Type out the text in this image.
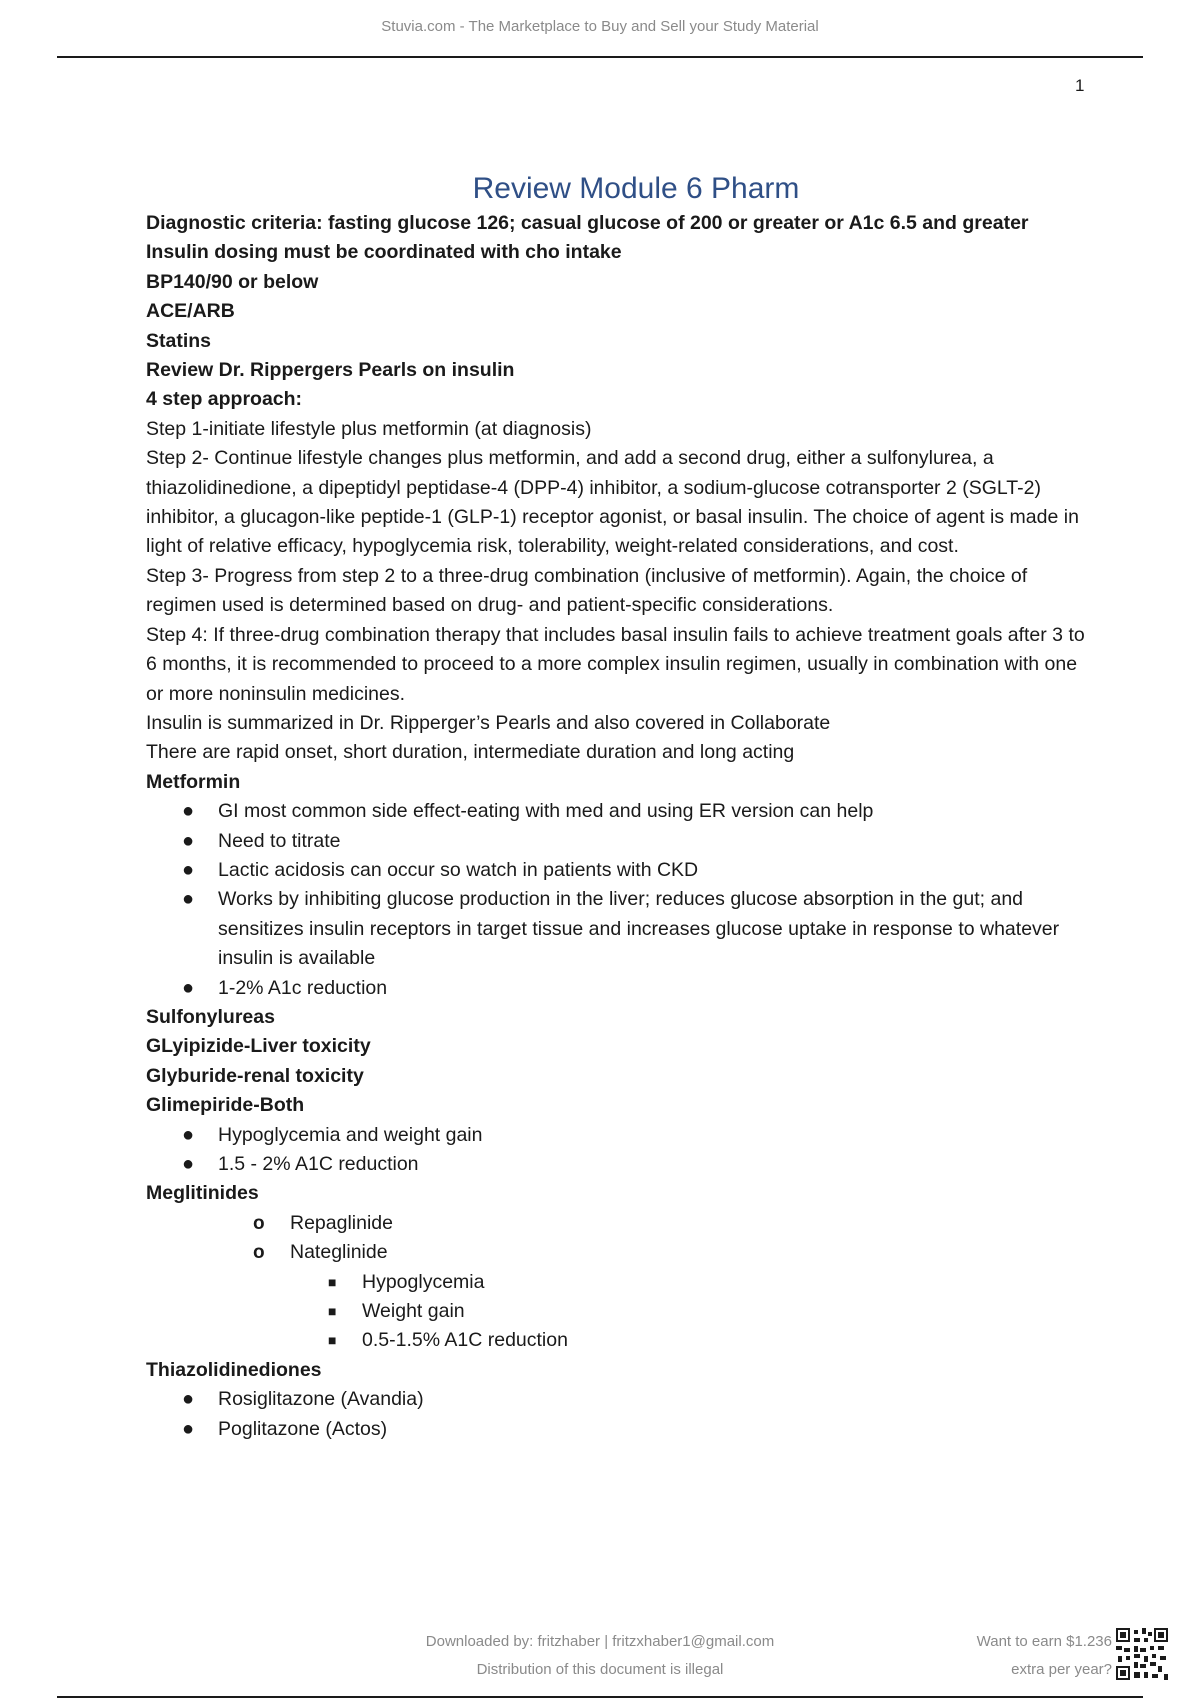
Stuvia.com - The Marketplace to Buy and Sell your Study Material
1
Review Module 6 Pharm

Diagnostic criteria: fasting glucose 126; casual glucose of 200 or greater or A1c 6.5 and greater

Insulin dosing must be coordinated with cho intake

BP140/90 or below

ACE/ARB

Statins

Review Dr. Rippergers Pearls on insulin

4 step approach:

Step 1-initiate lifestyle plus metformin (at diagnosis)

Step 2- Continue lifestyle changes plus metformin, and add a second drug, either a sulfonylurea, a thiazolidinedione, a dipeptidyl peptidase-4 (DPP-4) inhibitor, a sodium-glucose cotransporter 2 (SGLT-2) inhibitor, a glucagon-like peptide-1 (GLP-1) receptor agonist, or basal insulin. The choice of agent is made in light of relative efficacy, hypoglycemia risk, tolerability, weight-related considerations, and cost.

Step 3- Progress from step 2 to a three-drug combination (inclusive of metformin). Again, the choice of regimen used is determined based on drug- and patient-specific considerations.

Step 4: If three-drug combination therapy that includes basal insulin fails to achieve treatment goals after 3 to 6 months, it is recommended to proceed to a more complex insulin regimen, usually in combination with one or more noninsulin medicines.

Insulin is summarized in Dr. Ripperger’s Pearls and also covered in Collaborate

There are rapid onset, short duration, intermediate duration and long acting

Metformin

● GI most common side effect-eating with med and using ER version can help
● Need to titrate
● Lactic acidosis can occur so watch in patients with CKD
● Works by inhibiting glucose production in the liver; reduces glucose absorption in the gut; and sensitizes insulin receptors in target tissue and increases glucose uptake in response to whatever insulin is available
● 1-2% A1c reduction

Sulfonylureas

GLyipizide-Liver toxicity

Glyburide-renal toxicity

Glimepiride-Both

● Hypoglycemia and weight gain
● 1.5 - 2% A1C reduction

Meglitinides

o Repaglinide
o Nateglinide
■ Hypoglycemia
■ Weight gain
■ 0.5-1.5% A1C reduction

Thiazolidinediones

● Rosiglitazone (Avandia)
● Poglitazone (Actos)
Downloaded by: fritzhaber | fritzxhaber1@gmail.com
Distribution of this document is illegal
Want to earn $1.236
extra per year?
